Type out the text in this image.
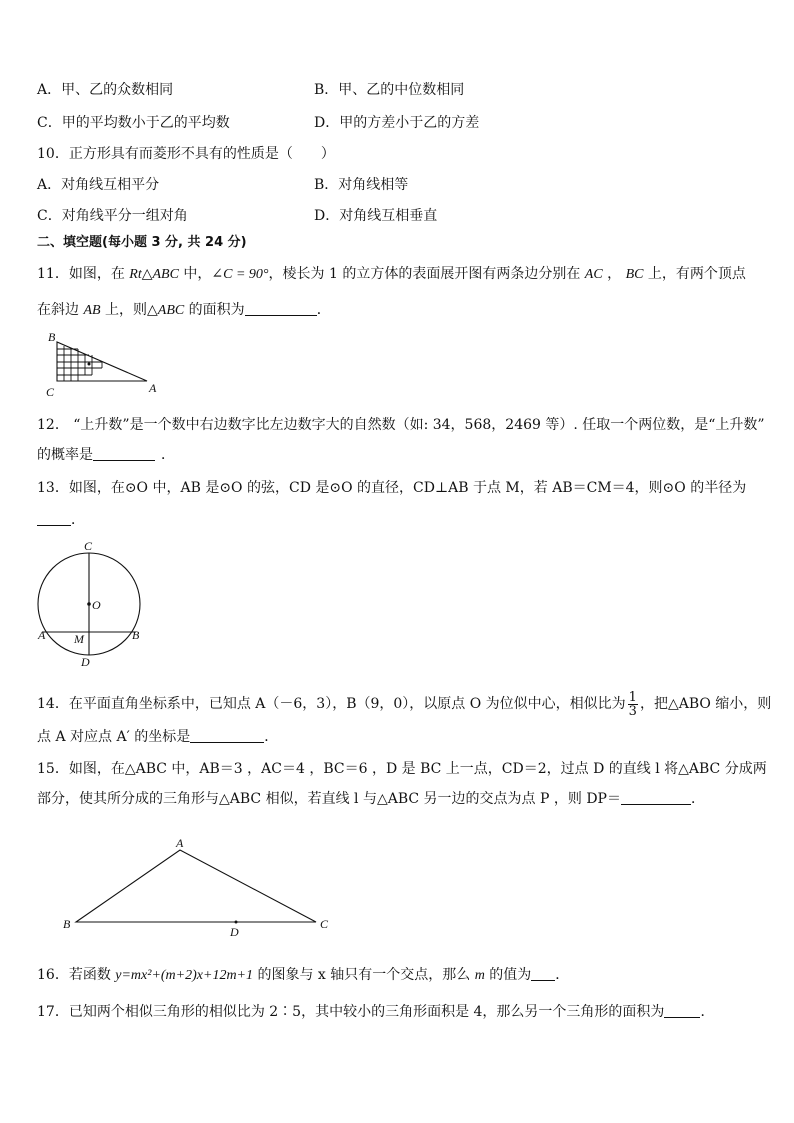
A．甲、乙的众数相同	B．甲、乙的中位数相同
C．甲的平均数小于乙的平均数	D．甲的方差小于乙的方差
10．正方形具有而菱形不具有的性质是（　　）
A．对角线互相平分	B．对角线相等
C．对角线平分一组对角	D．对角线互相垂直
二、填空题(每小题 3 分, 共 24 分)
11．如图，在 Rt△ABC 中，∠C = 90°，棱长为 1 的立方体的表面展开图有两条边分别在 AC ， BC 上，有两个顶点
在斜边 AB 上，则△ABC 的面积为	．
B
C	A
12． “上升数”是一个数中右边数字比左边数字大的自然数（如: 34，568，2469 等）. 任取一个两位数，是“上升数”
的概率是	．
13．如图，在⊙O 中，AB 是⊙O 的弦，CD 是⊙O 的直径，CD⊥AB 于点 M，若 AB＝CM＝4，则⊙O 的半径为
．
C
O
A M	B
D
14．在平面直角坐标系中，已知点 A（－6，3），B（9，0），以原点 O 为位似中心，相似比为 $\frac{1}{3}$ ，把△ABO 缩小，则
点 A 对应点 A′ 的坐标是	．
15．如图，在△ABC 中，AB＝3 ，AC＝4 ，BC＝6 ，D 是 BC 上一点，CD＝2，过点 D 的直线 l 将△ABC 分成两
部分，使其所分成的三角形与△ABC 相似，若直线 l 与△ABC 另一边的交点为点 P ，则 DP＝	．
A
B
D
C
16．若函数 y=mx²+(m+2)x+12m+1 的图象与 x 轴只有一个交点，那么 m 的值为 ．
17．已知两个相似三角形的相似比为 2∶5，其中较小的三角形面积是 4，那么另一个三角形的面积为	．
